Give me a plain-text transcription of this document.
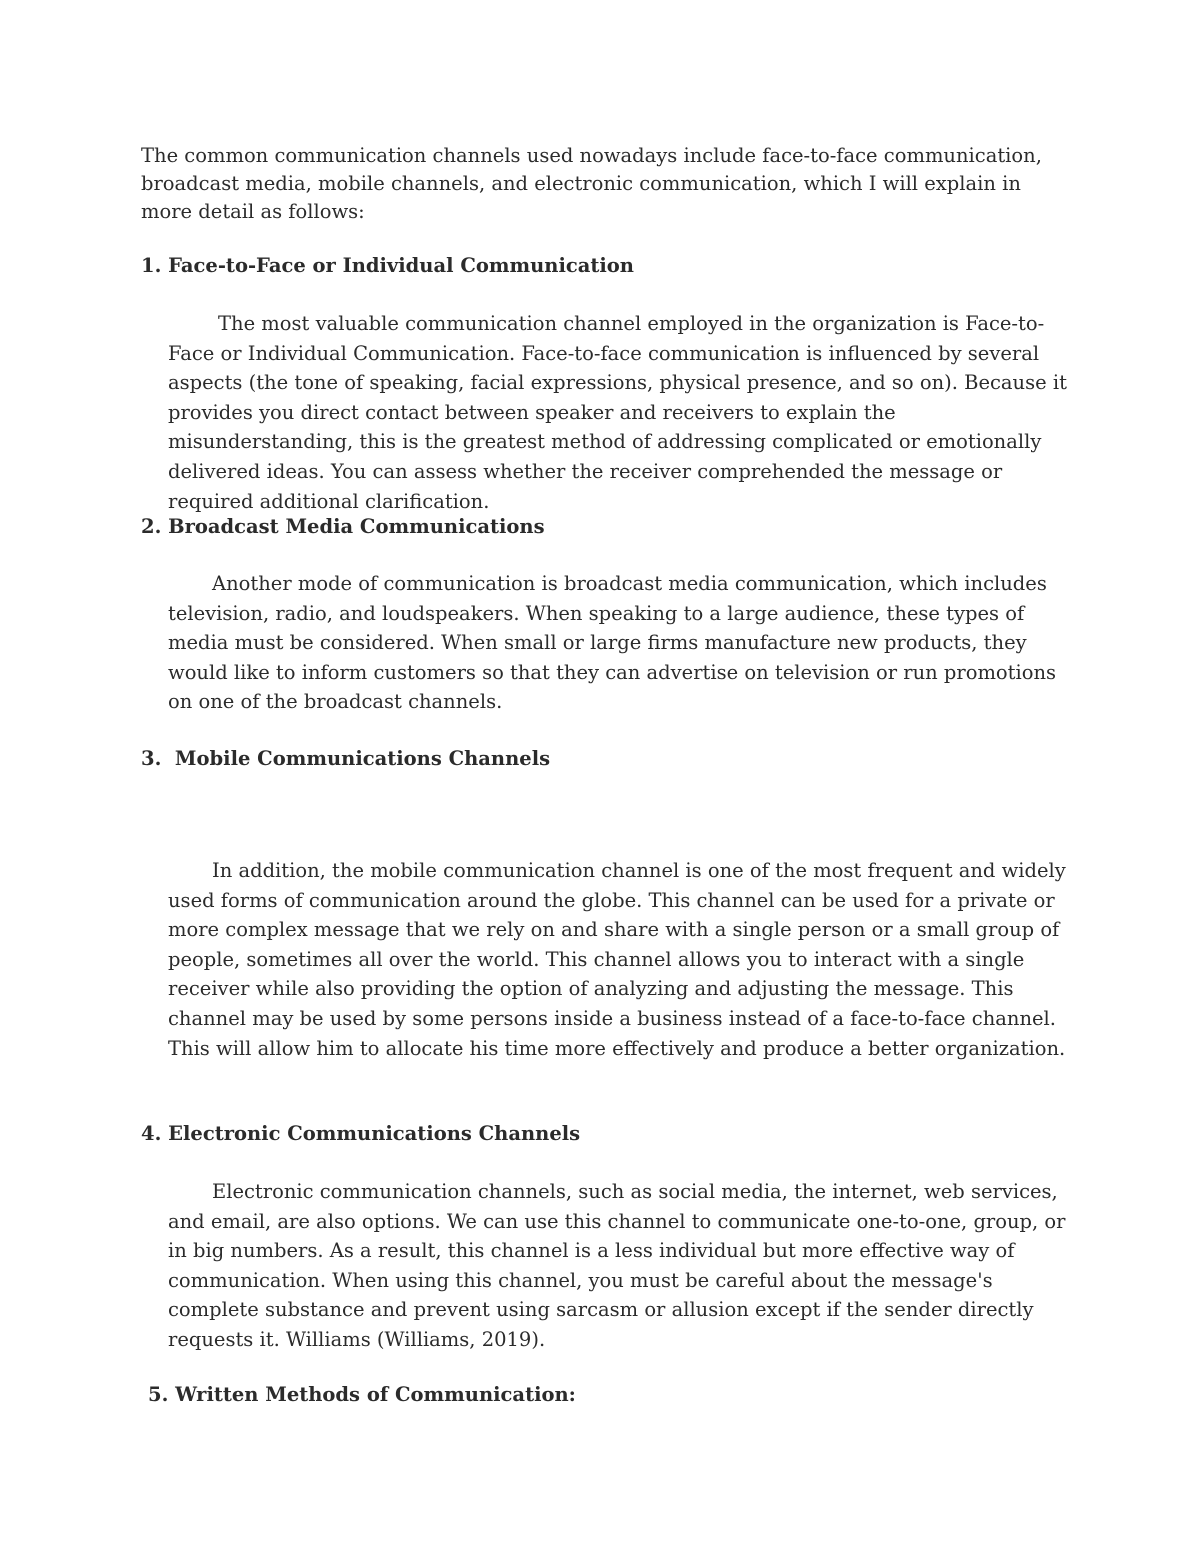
The common communication channels used nowadays include face-to-face communication, broadcast media, mobile channels, and electronic communication, which I will explain in more detail as follows:

1. Face-to-Face or Individual Communication

The most valuable communication channel employed in the organization is Face-to-Face or Individual Communication. Face-to-face communication is influenced by several aspects (the tone of speaking, facial expressions, physical presence, and so on). Because it provides you direct contact between speaker and receivers to explain the misunderstanding, this is the greatest method of addressing complicated or emotionally delivered ideas. You can assess whether the receiver comprehended the message or required additional clarification.

2. Broadcast Media Communications

Another mode of communication is broadcast media communication, which includes television, radio, and loudspeakers. When speaking to a large audience, these types of media must be considered. When small or large firms manufacture new products, they would like to inform customers so that they can advertise on television or run promotions on one of the broadcast channels.

3.  Mobile Communications Channels

In addition, the mobile communication channel is one of the most frequent and widely used forms of communication around the globe. This channel can be used for a private or more complex message that we rely on and share with a single person or a small group of people, sometimes all over the world. This channel allows you to interact with a single receiver while also providing the option of analyzing and adjusting the message. This channel may be used by some persons inside a business instead of a face-to-face channel. This will allow him to allocate his time more effectively and produce a better organization.

4. Electronic Communications Channels

Electronic communication channels, such as social media, the internet, web services, and email, are also options. We can use this channel to communicate one-to-one, group, or in big numbers. As a result, this channel is a less individual but more effective way of communication. When using this channel, you must be careful about the message's complete substance and prevent using sarcasm or allusion except if the sender directly requests it. Williams (Williams, 2019).

5. Written Methods of Communication:
